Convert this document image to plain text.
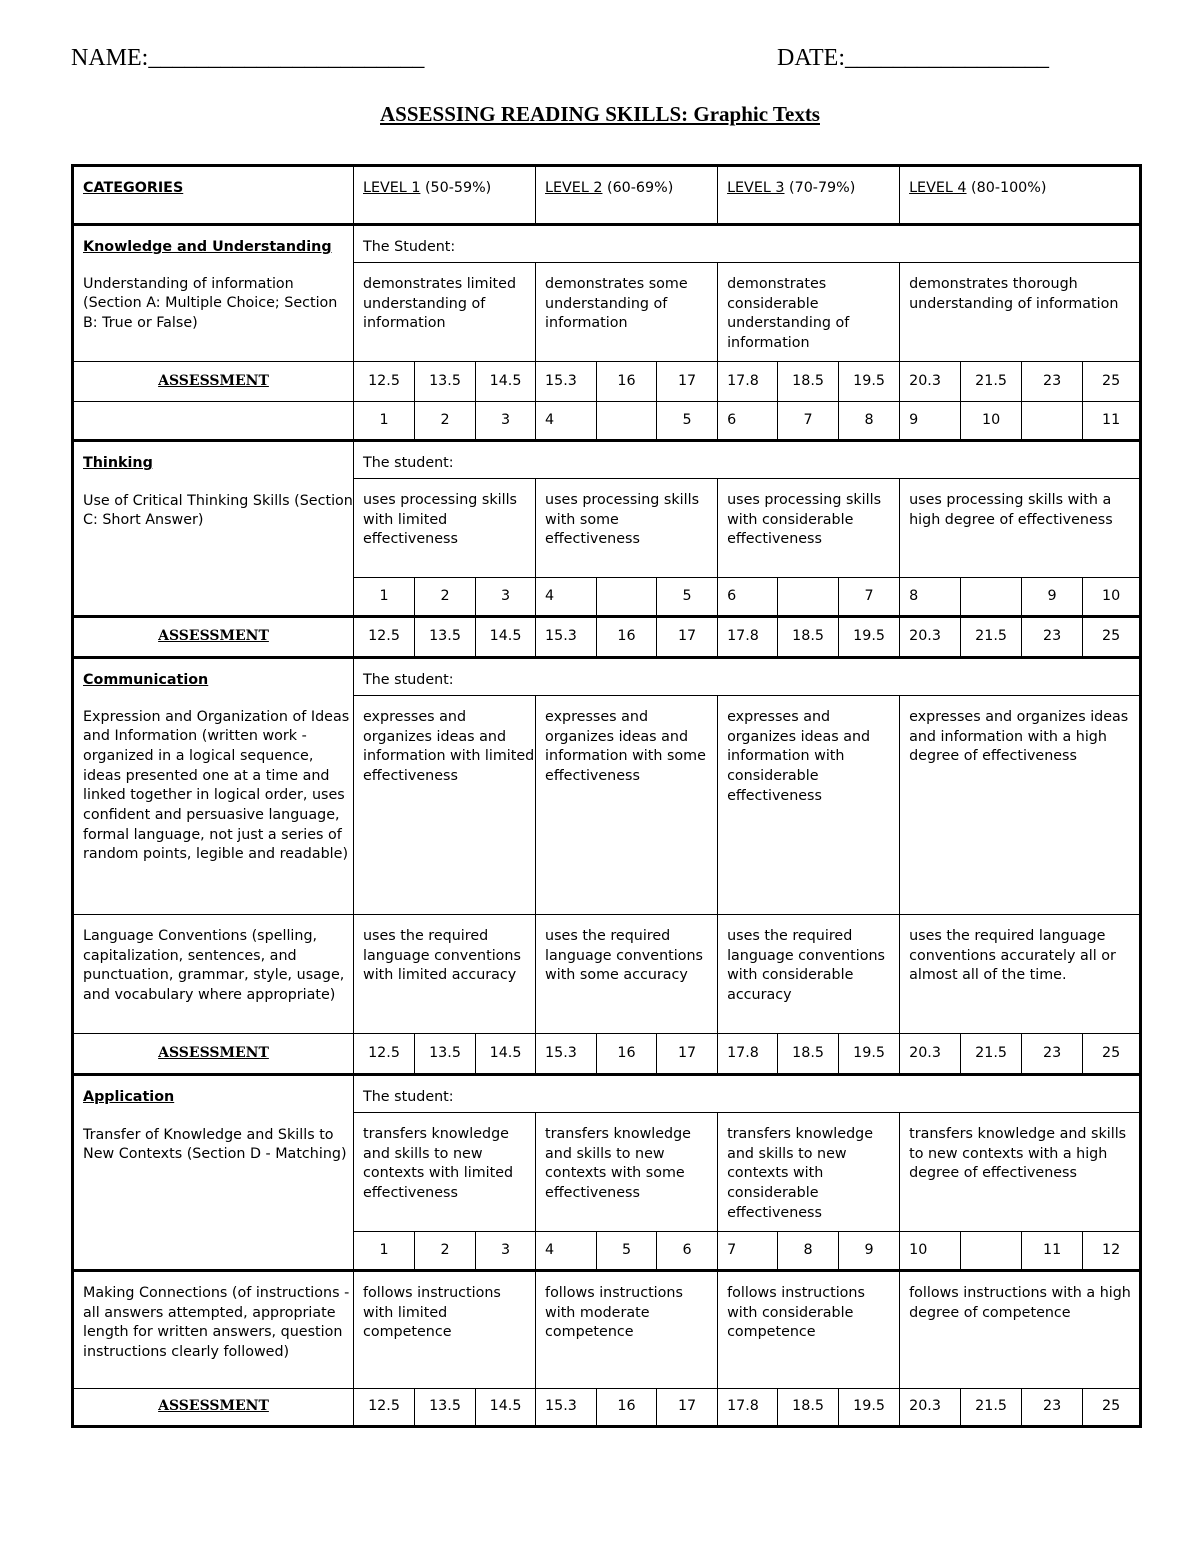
NAME:_______________________	DATE:_________________
ASSESSING READING SKILLS: Graphic Texts
CATEGORIES	LEVEL 1 (50-59%)			LEVEL 2 (60-69%)			LEVEL 3 (70-79%)			LEVEL 4 (80-100%)			
Knowledge and Understanding	The Student:												
Understanding of information (Section A: Multiple Choice; Section B: True or False)	demonstrates limited understanding of information			demonstrates some understanding of information			demonstrates considerable understanding of information			demonstrates thorough understanding of information			
ASSESSMENT	12.5	13.5	14.5	15.3	16	17	17.8	18.5	19.5	20.3	21.5	23	25
	1	2	3	4		5	6	7	8	9	10		11

Thinking
Use of Critical Thinking Skills (Section C: Short Answer)	The student:												
	uses processing skills with limited effectiveness			uses processing skills with some effectiveness			uses processing skills with considerable effectiveness			uses processing skills with a high degree of effectiveness			
	1	2	3	4		5	6		7	8		9	10
ASSESSMENT	12.5	13.5	14.5	15.3	16	17	17.8	18.5	19.5	20.3	21.5	23	25
Communication	The student:												
Expression and Organization of Ideas and Information (written work - organized in a logical sequence, ideas presented one at a time and linked together in logical order, uses confident and persuasive language, formal language, not just a series of random points, legible and readable)	expresses and organizes ideas and information with limited effectiveness			expresses and organizes ideas and information with some effectiveness			expresses and organizes ideas and information with considerable effectiveness			expresses and organizes ideas and information with a high degree of effectiveness			
Language Conventions (spelling, capitalization, sentences, and punctuation, grammar, style, usage, and vocabulary where appropriate)	uses the required language conventions with limited accuracy			uses the required language conventions with some accuracy			uses the required language conventions with considerable accuracy			uses the required language conventions accurately all or almost all of the time.			
ASSESSMENT	12.5	13.5	14.5	15.3	16	17	17.8	18.5	19.5	20.3	21.5	23	25

Application
Transfer of Knowledge and Skills to New Contexts (Section D - Matching)	The student:												
	transfers knowledge and skills to new contexts with limited effectiveness			transfers knowledge and skills to new contexts with some effectiveness			transfers knowledge and skills to new contexts with considerable effectiveness			transfers knowledge and skills to new contexts with a high degree of effectiveness			
	1	2	3	4	5	6	7	8	9	10		11	12
Making Connections (of instructions - all answers attempted, appropriate length for written answers, question instructions clearly followed)	follows instructions with limited competence			follows instructions with moderate competence			follows instructions with considerable competence			follows instructions with a high degree of competence			
ASSESSMENT	12.5	13.5	14.5	15.3	16	17	17.8	18.5	19.5	20.3	21.5	23	25
